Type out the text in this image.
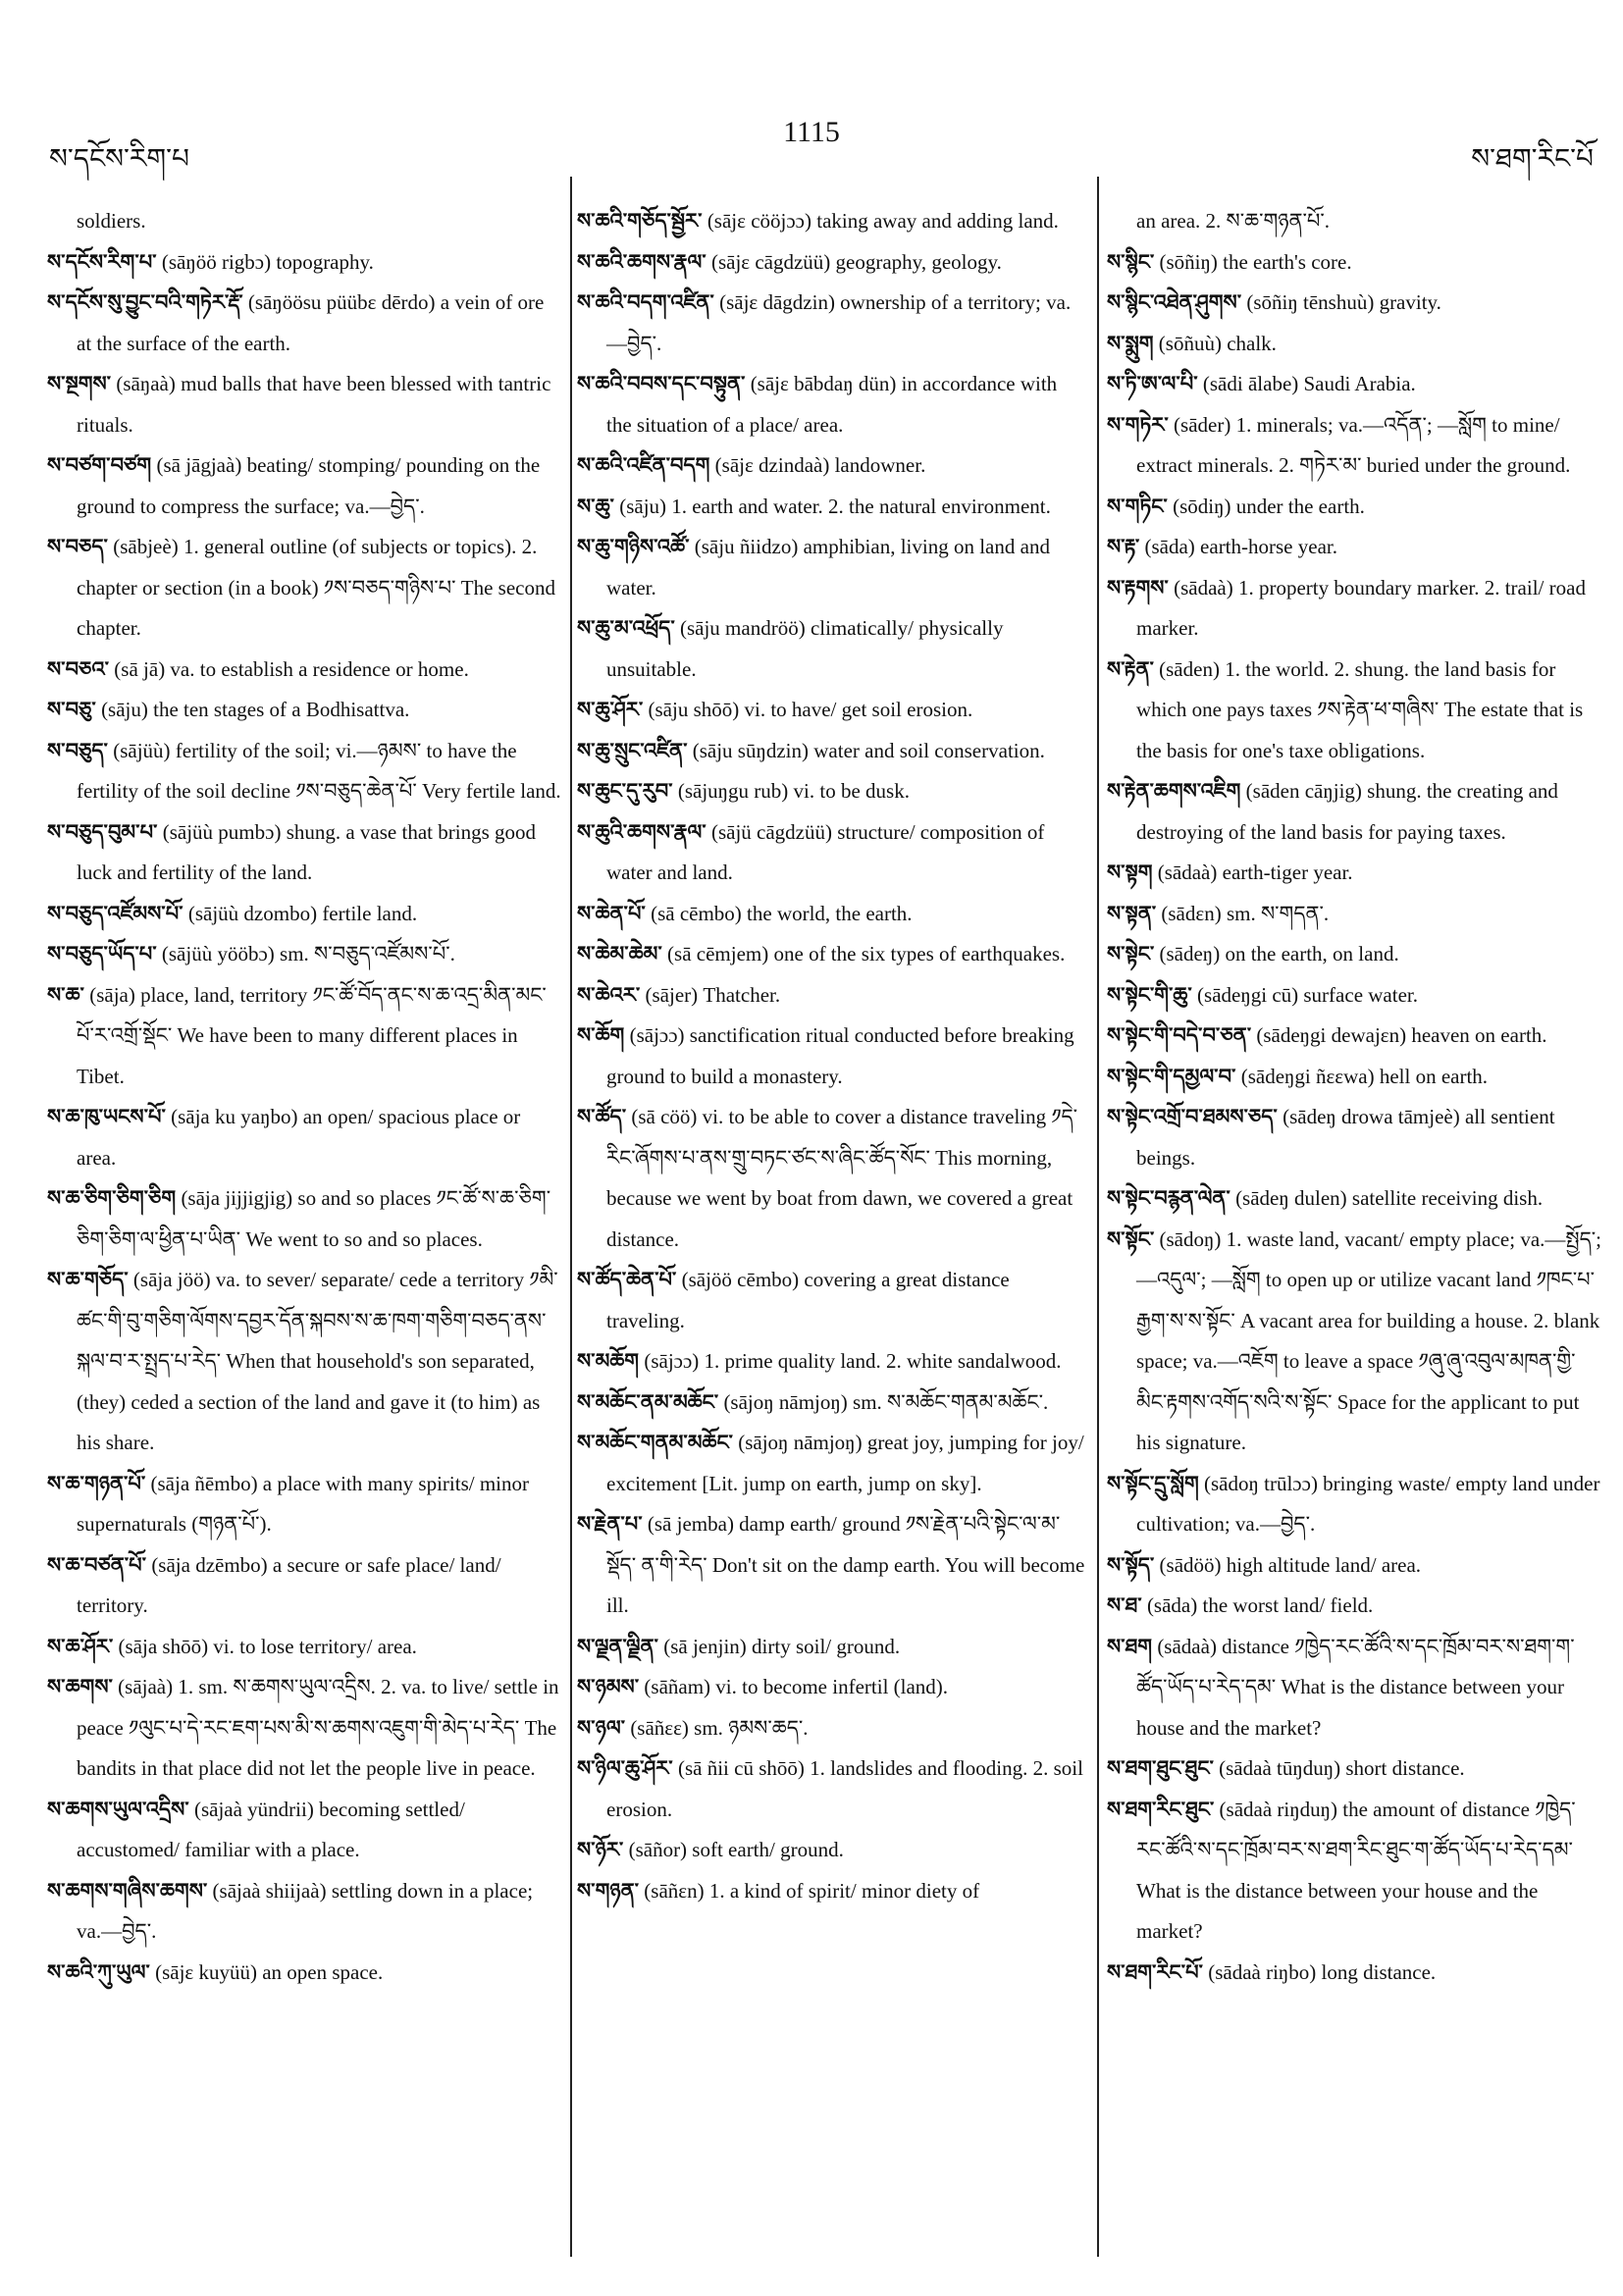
ས་དངོས་རིག་པ
1115
ས་ཐག་རིང་པོ

soldiers.

ས་དངོས་རིག་པ་ (sāŋöö rigbɔ) topography.

ས་དངོས་སུ་བྱུང་བའི་གཏེར་རྡོ་ (sāŋöösu püübɛ dērdo) a vein of ore at the surface of the earth.

ས་སྔགས་ (sāŋaà) mud balls that have been blessed with tantric rituals.

ས་བཙག་བཙག (sā jāgjaà) beating/ stomping/ pounding on the ground to compress the surface; va.—བྱེད་.

ས་བཅད་ (sābjeè) 1. general outline (of subjects or topics). 2. chapter or section (in a book) ༡ས་བཅད་གཉིས་པ་ The second chapter.

ས་བཅའ་ (sā jā) va. to establish a residence or home.

ས་བཅུ་ (sāju) the ten stages of a Bodhisattva.

ས་བཅུད་ (sājüù) fertility of the soil; vi.—ཉམས་ to have the fertility of the soil decline ༡ས་བཅུད་ཆེན་པོ་ Very fertile land.

ས་བཅུད་བུམ་པ་ (sājüù pumbɔ) shung. a vase that brings good luck and fertility of the land.

ས་བཅུད་འཛོམས་པོ་ (sājüù dzombo) fertile land.

ས་བཅུད་ཡོད་པ་ (sājüù yööbɔ) sm. ས་བཅུད་འཛོམས་པོ་.

ས་ཆ་ (sāja) place, land, territory ༡ང་ཚོ་བོད་ནང་ས་ཆ་འདྲ་མིན་མང་པོ་ར་འགྲོ་སྡོང་ We have been to many different places in Tibet.

ས་ཆ་ཁུ་ཡངས་པོ་ (sāja ku yaŋbo) an open/ spacious place or area.

ས་ཆ་ཅིག་ཅིག་ཅིག (sāja jijjigjig) so and so places ༡ང་ཚོ་ས་ཆ་ཅིག་ཅིག་ཅིག་ལ་ཕྱིན་པ་ཡིན་ We went to so and so places.

ས་ཆ་གཅོད་ (sāja jöö) va. to sever/ separate/ cede a territory ༡མི་ཚང་གི་བུ་གཅིག་ལོགས་དབྱར་དོན་སྐབས་ས་ཆ་ཁག་གཅིག་བཅད་ནས་སྐལ་བ་ར་སྤྲད་པ་རེད་ When that household's son separated, (they) ceded a section of the land and gave it (to him) as his share.

ས་ཆ་གཉན་པོ་ (sāja ñēmbo) a place with many spirits/ minor supernaturals (གཉན་པོ་).

ས་ཆ་བཙན་པོ་ (sāja dzēmbo) a secure or safe place/ land/ territory.

ས་ཆ་ཤོར་ (sāja shōō) vi. to lose territory/ area.

ས་ཆགས་ (sājaà) 1. sm. ས་ཆགས་ཡུལ་འདྲིས. 2. va. to live/ settle in peace ༡ལུང་པ་དེ་རང་ཇག་པས་མི་ས་ཆགས་འཇུག་གི་མེད་པ་རེད་ The bandits in that place did not let the people live in peace.

ས་ཆགས་ཡུལ་འདྲིས་ (sājaà yündrii) becoming settled/ accustomed/ familiar with a place.

ས་ཆགས་གཞིས་ཆགས་ (sājaà shiijaà) settling down in a place; va.—བྱེད་.

ས་ཆའི་ཀུ་ཡུལ་ (sājɛ kuyüü) an open space.

ས་ཆའི་གཅོད་སྦྱོར་ (sājɛ cööjɔɔ) taking away and adding land.

ས་ཆའི་ཆགས་རྣལ་ (sājɛ cāgdzüü) geography, geology.

ས་ཆའི་བདག་འཛིན་ (sājɛ dāgdzin) ownership of a territory; va.—བྱེད་.

ས་ཆའི་བབས་དང་བསྟུན་ (sājɛ bābdaŋ dün) in accordance with the situation of a place/ area.

ས་ཆའི་འཛིན་བདག (sājɛ dzindaà) landowner.

ས་ཆུ་ (sāju) 1. earth and water. 2. the natural environment.

ས་ཆུ་གཉིས་འཚོ་ (sāju ñiidzo) amphibian, living on land and water.

ས་ཆུ་མ་འཕྲོད་ (sāju mandröö) climatically/ physically unsuitable.

ས་ཆུ་ཤོར་ (sāju shōō) vi. to have/ get soil erosion.

ས་ཆུ་སྲུང་འཛིན་ (sāju sūŋdzin) water and soil conservation.

ས་ཆུང་དུ་རུབ་ (sājuŋgu rub) vi. to be dusk.

ས་ཆུའི་ཆགས་རྣལ་ (sājü cāgdzüü) structure/ composition of water and land.

ས་ཆེན་པོ་ (sā cēmbo) the world, the earth.

ས་ཆེམ་ཆེམ་ (sā cēmjem) one of the six types of earthquakes.

ས་ཆེའར་ (sājer) Thatcher.

ས་ཆོག (sājɔɔ) sanctification ritual conducted before breaking ground to build a monastery.

ས་ཚོད་ (sā cöö) vi. to be able to cover a distance traveling ༡དེ་རིང་ཞོགས་པ་ནས་གྲུ་བཏང་ཙང་ས་ཞིང་ཚོད་སོང་ This morning, because we went by boat from dawn, we covered a great distance.

ས་ཚོད་ཆེན་པོ་ (sājöö cēmbo) covering a great distance traveling.

ས་མཆོག (sājɔɔ) 1. prime quality land. 2. white sandalwood.

ས་མཆོང་ནམ་མཆོང་ (sājoŋ nāmjoŋ) sm. ས་མཆོང་གནམ་མཆོང་.

ས་མཆོང་གནམ་མཆོང་ (sājoŋ nāmjoŋ) great joy, jumping for joy/ excitement [Lit. jump on earth, jump on sky].

ས་རྗེན་པ་ (sā jemba) damp earth/ ground ༡ས་རྗེན་པའི་སྟེང་ལ་མ་སྡོད་ ན་གི་རེད་ Don't sit on the damp earth. You will become ill.

ས་ལྗན་ལྗིན་ (sā jenjin) dirty soil/ ground.

ས་ཉམས་ (sāñam) vi. to become infertil (land).

ས་ཉལ་ (sāñɛɛ) sm. ཉམས་ཆད་.

ས་ཉིལ་ཆུ་ཤོར་ (sā ñii cū shōō) 1. landslides and flooding. 2. soil erosion.

ས་ཉོར་ (sāñor) soft earth/ ground.

ས་གཉན་ (sāñɛn) 1. a kind of spirit/ minor diety of

an area. 2. ས་ཆ་གཉན་པོ་.

ས་སྙིང་ (sōñiŋ) the earth's core.

ས་སྙིང་འཐེན་ཤུགས་ (sōñiŋ tēnshuù) gravity.

ས་སྨུག (sōñuù) chalk.

ས་ཏི་ཨ་ལ་པི་ (sādi ālabe) Saudi Arabia.

ས་གཏེར་ (sāder) 1. minerals; va.—འདོན་; —སློག to mine/ extract minerals. 2. གཏེར་མ་ buried under the ground.

ས་གཏིང་ (sōdiŋ) under the earth.

ས་རྟ་ (sāda) earth-horse year.

ས་རྟགས་ (sādaà) 1. property boundary marker. 2. trail/ road marker.

ས་རྟེན་ (sāden) 1. the world. 2. shung. the land basis for which one pays taxes ༡ས་རྟེན་ཕ་གཞིས་ The estate that is the basis for one's taxe obligations.

ས་རྟེན་ཆགས་འཇིག (sāden cāŋjig) shung. the creating and destroying of the land basis for paying taxes.

ས་སྟག (sādaà) earth-tiger year.

ས་སྟན་ (sādɛn) sm. ས་གདན་.

ས་སྟེང་ (sādeŋ) on the earth, on land.

ས་སྟེང་གི་ཆུ་ (sādeŋgi cū) surface water.

ས་སྟེང་གི་བདེ་བ་ཅན་ (sādeŋgi dewajɛn) heaven on earth.

ས་སྟེང་གི་དམྱལ་བ་ (sādeŋgi ñɛɛwa) hell on earth.

ས་སྟེང་འགྲོ་བ་ཐམས་ཅད་ (sādeŋ drowa tāmjeè) all sentient beings.

ས་སྟེང་བརྙན་ལེན་ (sādeŋ dulen) satellite receiving dish.

ས་སྟོང་ (sādoŋ) 1. waste land, vacant/ empty place; va.—སྤྱོད་; —འདུལ་; —སློག to open up or utilize vacant land ༡ཁང་པ་རྒྱག་ས་ས་སྟོང་ A vacant area for building a house. 2. blank space; va.—འཇོག to leave a space ༡ཞུ་ཞུ་འབུལ་མཁན་གྱི་མིང་རྟགས་འགོད་སའི་ས་སྟོང་ Space for the applicant to put his signature.

ས་སྟོང་དྲུ་སློག (sādoŋ trūlɔɔ) bringing waste/ empty land under cultivation; va.—བྱེད་.

ས་སྟོད་ (sādöö) high altitude land/ area.

ས་ཐ་ (sāda) the worst land/ field.

ས་ཐག (sādaà) distance ༡ཁྱེད་རང་ཚོའི་ས་དང་ཁྲོམ་བར་ས་ཐག་ག་ཚོད་ཡོད་པ་རེད་དམ་ What is the distance between your house and the market?

ས་ཐག་ཐུང་ཐུང་ (sādaà tūŋduŋ) short distance.

ས་ཐག་རིང་ཐུང་ (sādaà riŋduŋ) the amount of distance ༡ཁྱེད་རང་ཚོའི་ས་དང་ཁྲོམ་བར་ས་ཐག་རིང་ཐུང་ག་ཚོད་ཡོད་པ་རེད་དམ་ What is the distance between your house and the market?

ས་ཐག་རིང་པོ་ (sādaà riŋbo) long distance.
